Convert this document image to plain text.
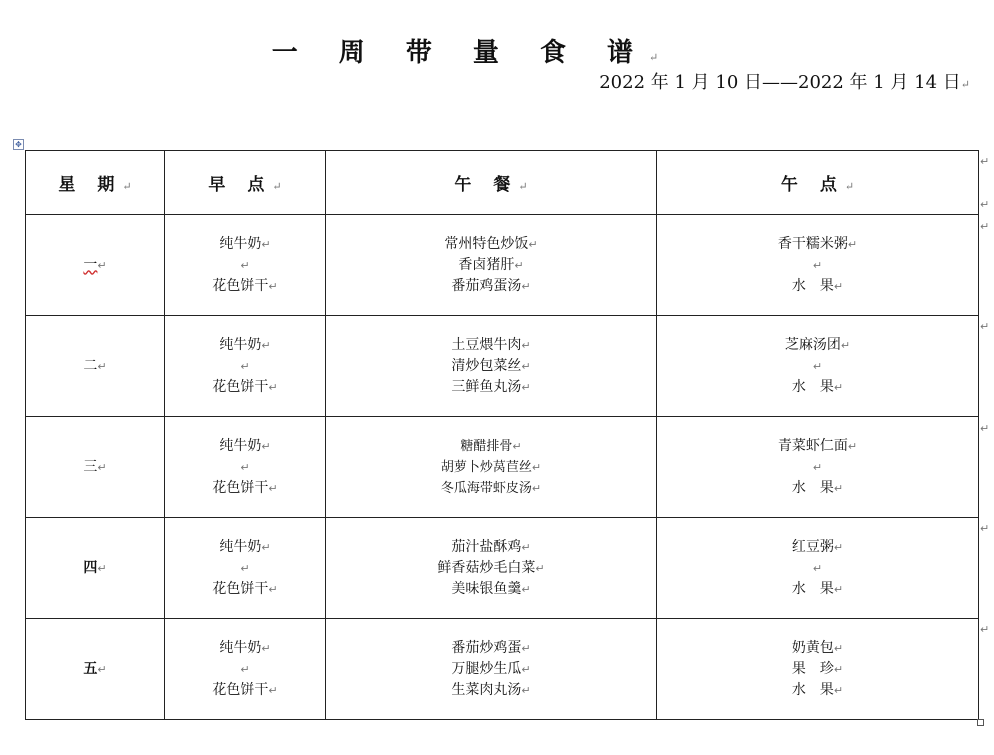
一 周 带 量 食 谱↵
2022 年 1 月 10 日——2022 年 1 月 14 日↵
✥
星 期↵	早 点↵	午 餐↵	午 点↵
一↵	纯牛奶↵
↵
花色饼干↵	常州特色炒饭↵
香卤猪肝↵
番茄鸡蛋汤↵	香干糯米粥↵
↵
水　果↵

二↵	纯牛奶↵
↵
花色饼干↵	土豆煨牛肉↵
清炒包菜丝↵
三鲜鱼丸汤↵	芝麻汤团↵
↵
水　果↵

三↵	纯牛奶↵
↵
花色饼干↵	糖醋排骨↵
胡萝卜炒莴苣丝↵
冬瓜海带虾皮汤↵	青菜虾仁面↵
↵
水　果↵

四↵	纯牛奶↵
↵
花色饼干↵	茄汁盐酥鸡↵
鲜香菇炒毛白菜↵
美味银鱼羹↵	红豆粥↵
↵
水　果↵

五↵	纯牛奶↵
↵
花色饼干↵	番茄炒鸡蛋↵
万腿炒生瓜↵
生菜肉丸汤↵	奶黄包↵
果　珍↵
水　果↵
↵
↵
↵
↵
↵
↵
↵
